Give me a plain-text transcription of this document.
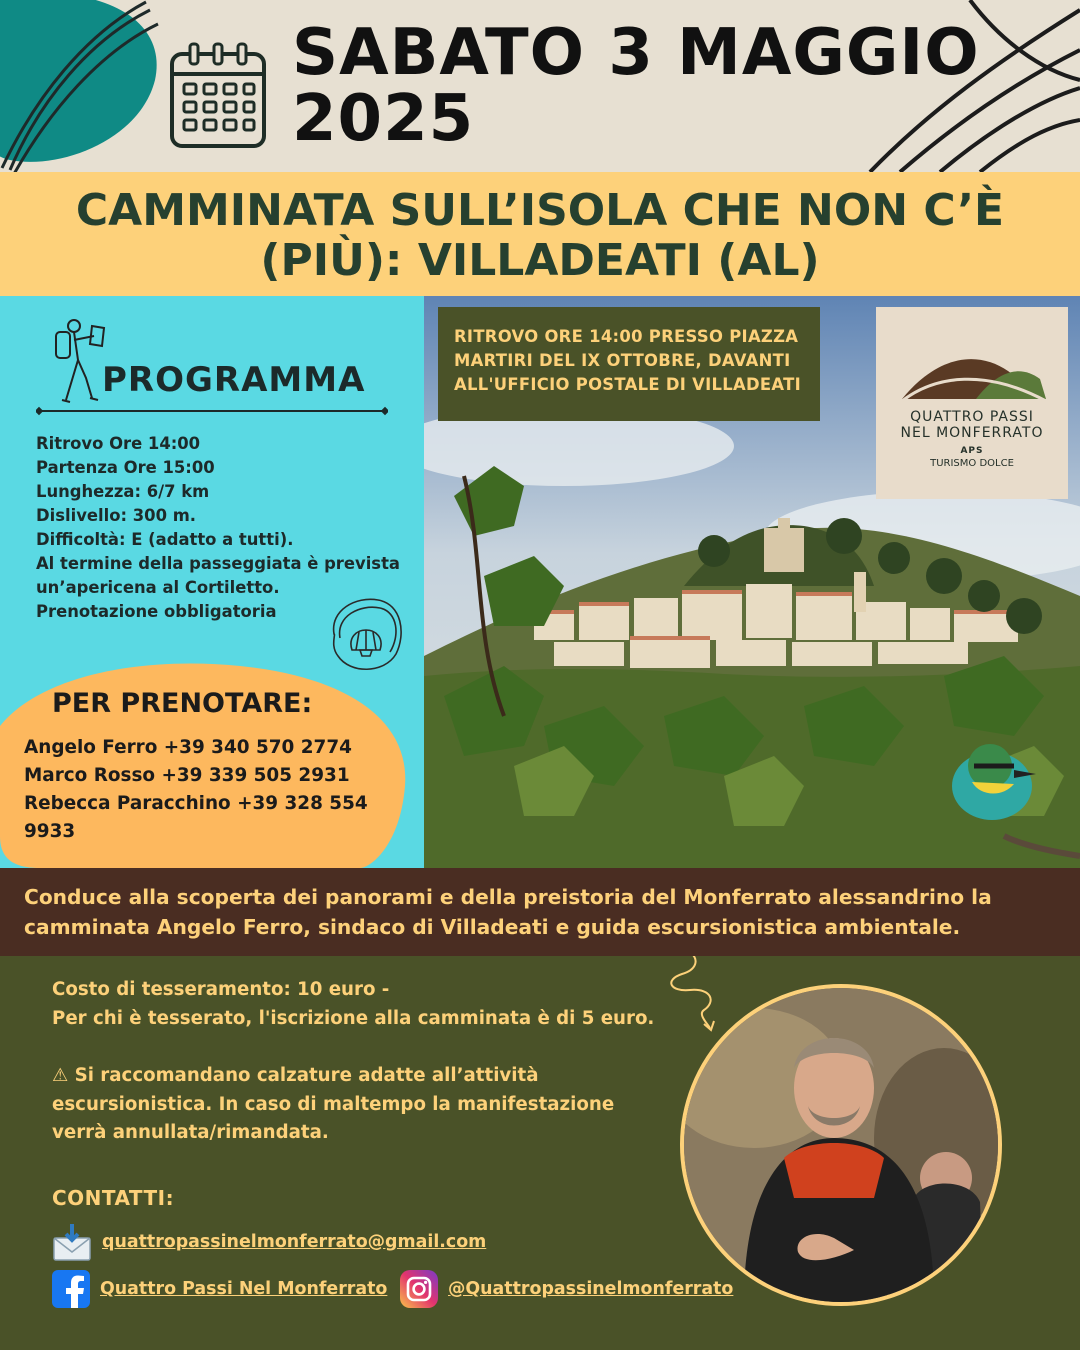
SABATO 3 MAGGIO
2025
CAMMINATA SULL’ISOLA CHE NON C’È
(PIÙ): VILLADEATI (AL)
PROGRAMMA
Ritrovo Ore 14:00
Partenza Ore 15:00
Lunghezza: 6/7 km
Dislivello: 300 m.
Difficoltà: E (adatto a tutti).
Al termine della passeggiata è prevista un’apericena al Cortiletto.
Prenotazione obbligatoria
PER PRENOTARE:
Angelo Ferro +39 340 570 2774
Marco Rosso +39 339 505 2931
Rebecca Paracchino +39 328 554 9933
RITROVO ORE 14:00 PRESSO PIAZZA
MARTIRI DEL IX OTTOBRE, DAVANTI
ALL'UFFICIO POSTALE DI VILLADEATI
QUATTRO PASSI
NEL MONFERRATO
APS
TURISMO DOLCE
Conduce alla scoperta dei panorami e della preistoria del Monferrato alessandrino la camminata Angelo Ferro, sindaco di Villadeati e guida escursionistica ambientale.
Costo di tesseramento: 10 euro -
Per chi è tesserato, l'iscrizione alla camminata è di 5 euro.
⚠ Si raccomandano calzature adatte all’attività escursionistica. In caso di maltempo la manifestazione verrà annullata/rimandata.
CONTATTI:
quattropassinelmonferrato@gmail.com
Quattro Passi Nel Monferrato	@Quattropassinelmonferrato
